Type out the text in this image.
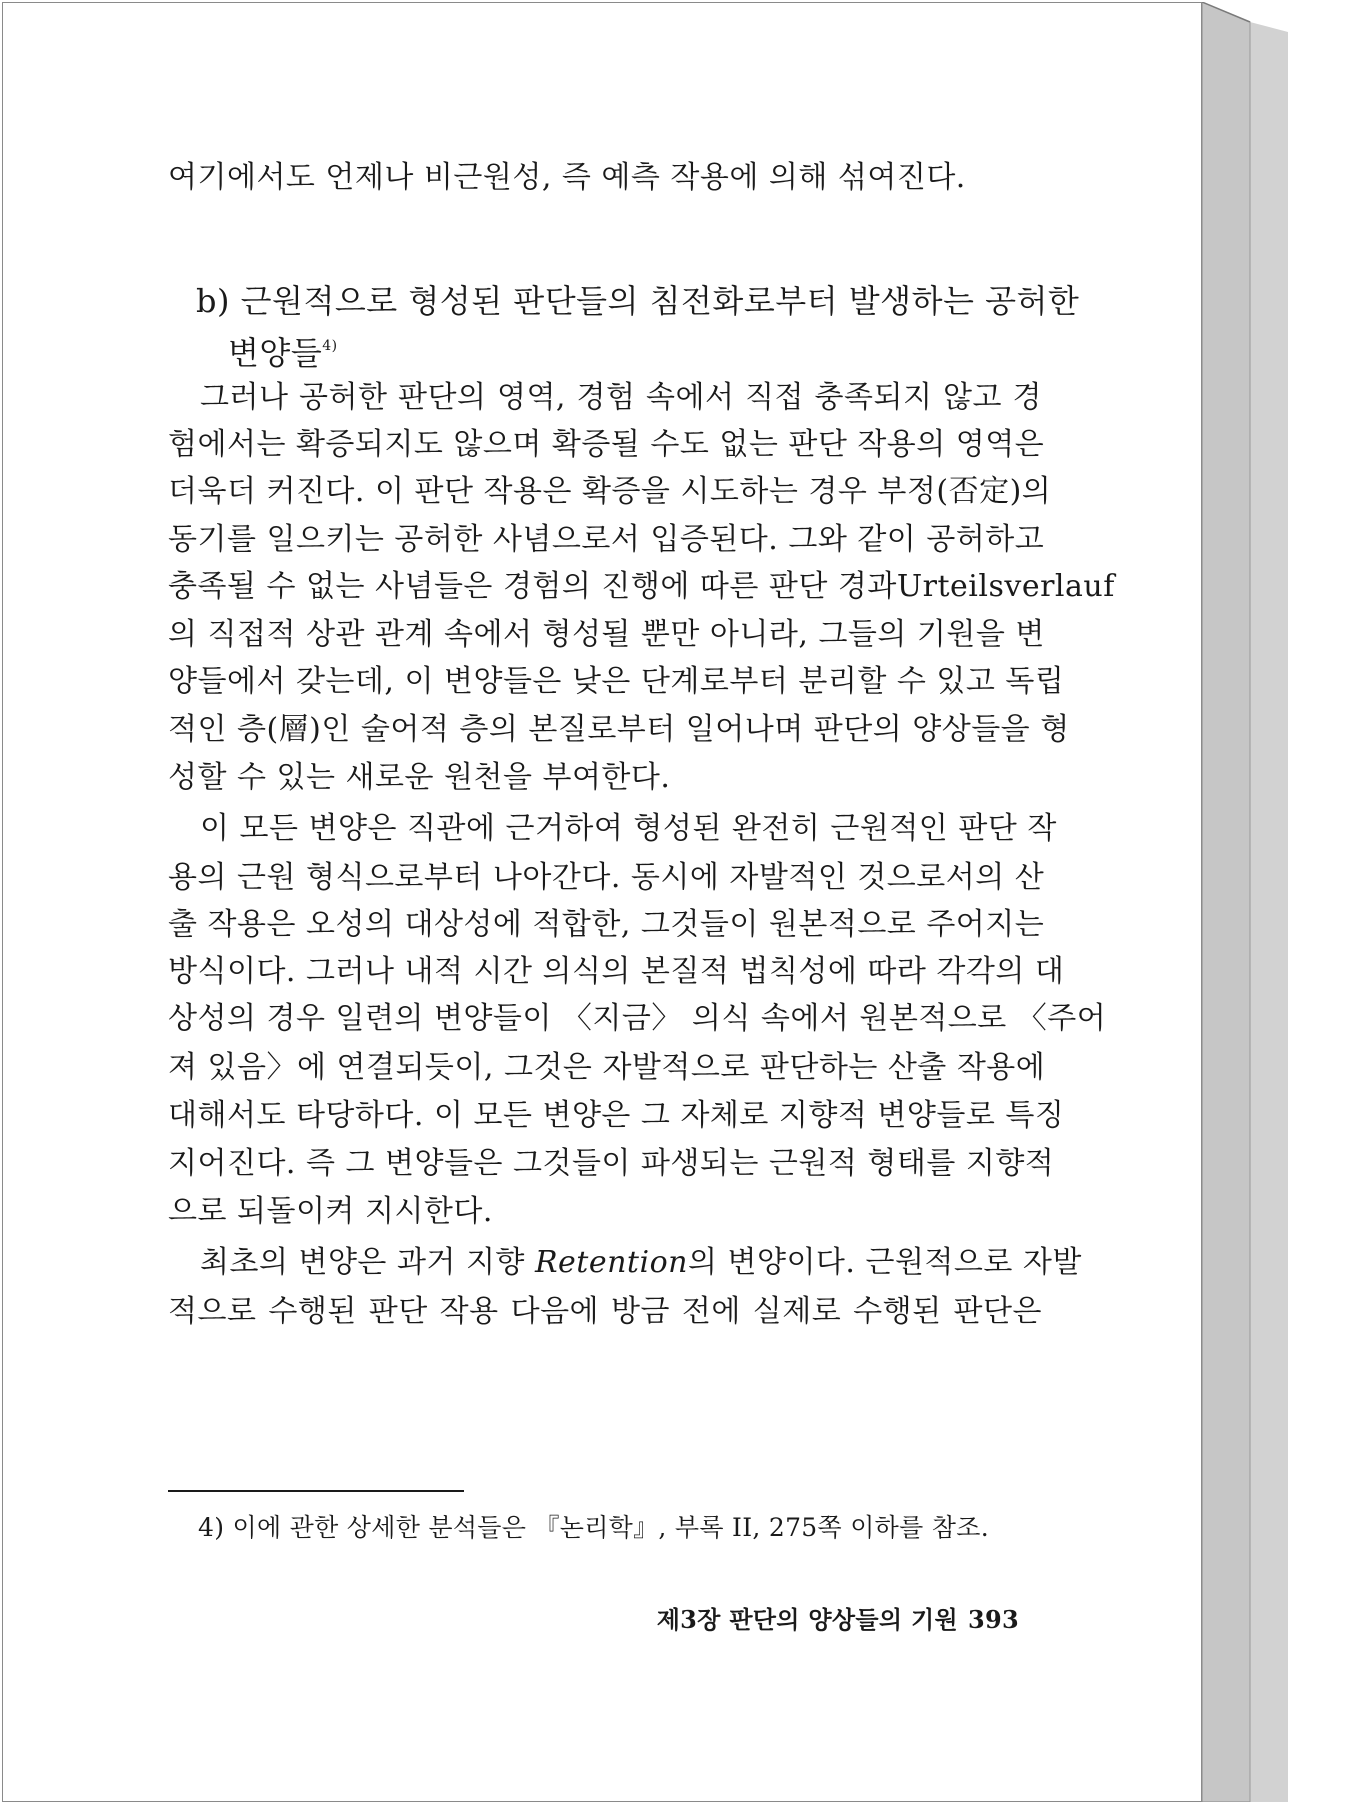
여기에서도 언제나 비근원성, 즉 예측 작용에 의해 섞여진다.
b) 근원적으로 형성된 판단들의 침전화로부터 발생하는 공허한
변양들$^{4)}$
그러나 공허한 판단의 영역, 경험 속에서 직접 충족되지 않고 경
험에서는 확증되지도 않으며 확증될 수도 없는 판단 작용의 영역은
더욱더 커진다. 이 판단 작용은 확증을 시도하는 경우 부정(否定)의
동기를 일으키는 공허한 사념으로서 입증된다. 그와 같이 공허하고
충족될 수 없는 사념들은 경험의 진행에 따른 판단 경과Urteilsverlauf
의 직접적 상관 관계 속에서 형성될 뿐만 아니라, 그들의 기원을 변
양들에서 갖는데, 이 변양들은 낮은 단계로부터 분리할 수 있고 독립
적인 층(層)인 술어적 층의 본질로부터 일어나며 판단의 양상들을 형
성할 수 있는 새로운 원천을 부여한다.
이 모든 변양은 직관에 근거하여 형성된 완전히 근원적인 판단 작
용의 근원 형식으로부터 나아간다. 동시에 자발적인 것으로서의 산
출 작용은 오성의 대상성에 적합한, 그것들이 원본적으로 주어지는
방식이다. 그러나 내적 시간 의식의 본질적 법칙성에 따라 각각의 대
상성의 경우 일련의 변양들이 〈지금〉 의식 속에서 원본적으로 〈주어
져 있음〉에 연결되듯이, 그것은 자발적으로 판단하는 산출 작용에
대해서도 타당하다. 이 모든 변양은 그 자체로 지향적 변양들로 특징
지어진다. 즉 그 변양들은 그것들이 파생되는 근원적 형태를 지향적
으로 되돌이켜 지시한다.
최초의 변양은 과거 지향 Retention의 변양이다. 근원적으로 자발
적으로 수행된 판단 작용 다음에 방금 전에 실제로 수행된 판단은
4) 이에 관한 상세한 분석들은 『논리학』, 부록 II, 275쪽 이하를 참조.
제3장 판단의 양상들의 기원 393
